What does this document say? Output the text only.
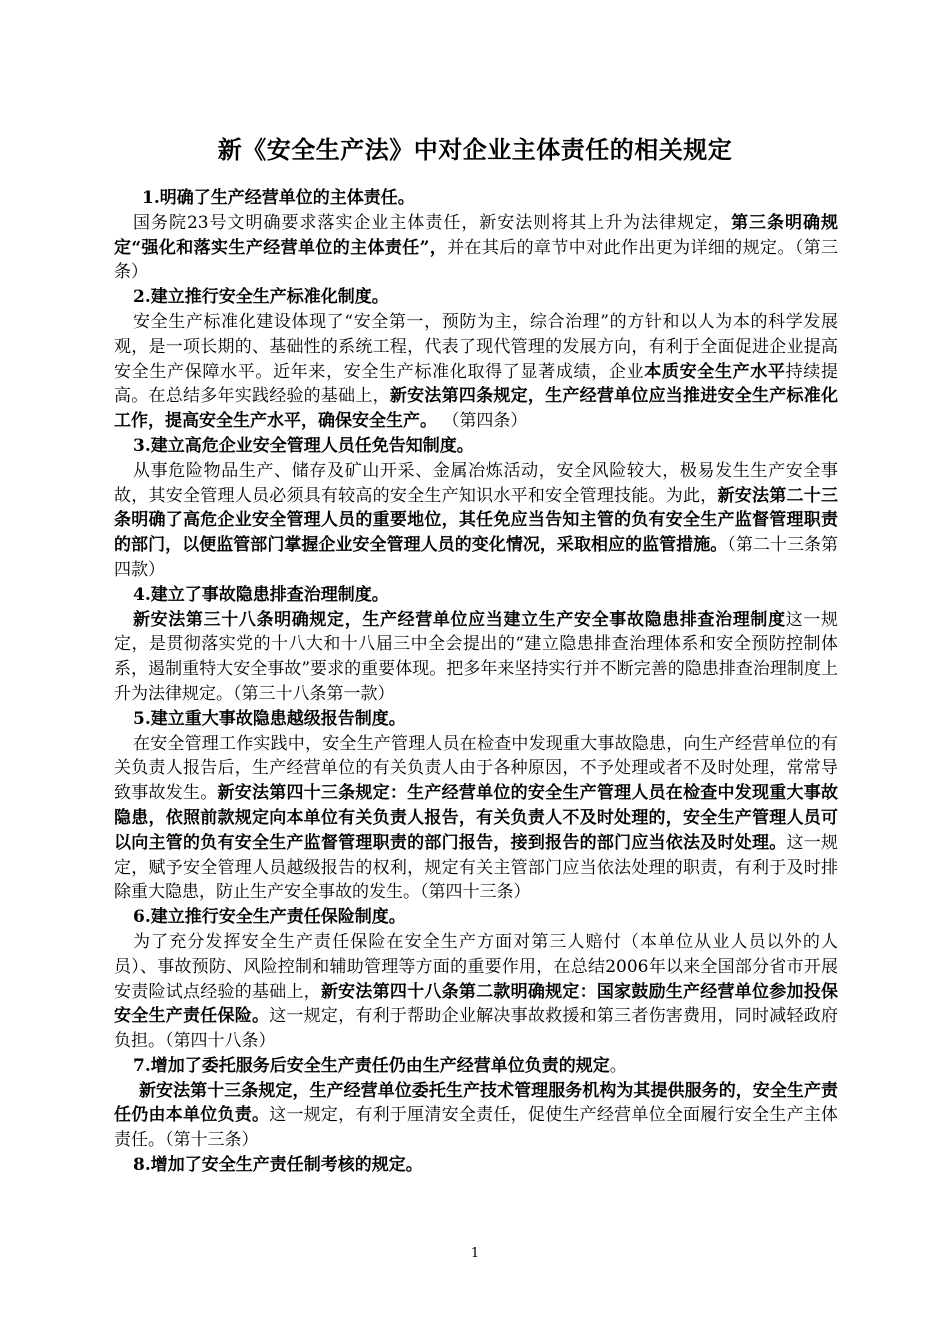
新《安全生产法》中对企业主体责任的相关规定

1.明确了生产经营单位的主体责任。

国务院23号文明确要求落实企业主体责任，新安法则将其上升为法律规定，第三条明确规定“强化和落实生产经营单位的主体责任”，并在其后的章节中对此作出更为详细的规定。（第三条）

2.建立推行安全生产标准化制度。

安全生产标准化建设体现了“安全第一，预防为主，综合治理”的方针和以人为本的科学发展观，是一项长期的、基础性的系统工程，代表了现代管理的发展方向，有利于全面促进企业提高安全生产保障水平。近年来，安全生产标准化取得了显著成绩，企业本质安全生产水平持续提高。在总结多年实践经验的基础上，新安法第四条规定，生产经营单位应当推进安全生产标准化工作，提高安全生产水平，确保安全生产。 （第四条）

3.建立高危企业安全管理人员任免告知制度。

从事危险物品生产、储存及矿山开采、金属冶炼活动，安全风险较大，极易发生生产安全事故，其安全管理人员必须具有较高的安全生产知识水平和安全管理技能。为此，新安法第二十三条明确了高危企业安全管理人员的重要地位，其任免应当告知主管的负有安全生产监督管理职责的部门，以便监管部门掌握企业安全管理人员的变化情况，采取相应的监管措施。（第二十三条第四款）

4.建立了事故隐患排查治理制度。

新安法第三十八条明确规定，生产经营单位应当建立生产安全事故隐患排查治理制度这一规定，是贯彻落实党的十八大和十八届三中全会提出的“建立隐患排查治理体系和安全预防控制体系，遏制重特大安全事故”要求的重要体现。把多年来坚持实行并不断完善的隐患排查治理制度上升为法律规定。（第三十八条第一款）

5.建立重大事故隐患越级报告制度。

在安全管理工作实践中，安全生产管理人员在检查中发现重大事故隐患，向生产经营单位的有关负责人报告后，生产经营单位的有关负责人由于各种原因，不予处理或者不及时处理，常常导致事故发生。新安法第四十三条规定：生产经营单位的安全生产管理人员在检查中发现重大事故隐患，依照前款规定向本单位有关负责人报告，有关负责人不及时处理的，安全生产管理人员可以向主管的负有安全生产监督管理职责的部门报告，接到报告的部门应当依法及时处理。这一规定，赋予安全管理人员越级报告的权利，规定有关主管部门应当依法处理的职责，有利于及时排除重大隐患，防止生产安全事故的发生。（第四十三条）

6.建立推行安全生产责任保险制度。

为了充分发挥安全生产责任保险在安全生产方面对第三人赔付（本单位从业人员以外的人员）、事故预防、风险控制和辅助管理等方面的重要作用，在总结2006年以来全国部分省市开展安责险试点经验的基础上，新安法第四十八条第二款明确规定：国家鼓励生产经营单位参加投保安全生产责任保险。这一规定，有利于帮助企业解决事故救援和第三者伤害费用，同时减轻政府负担。（第四十八条）

7.增加了委托服务后安全生产责任仍由生产经营单位负责的规定。

新安法第十三条规定，生产经营单位委托生产技术管理服务机构为其提供服务的，安全生产责任仍由本单位负责。这一规定，有利于厘清安全责任，促使生产经营单位全面履行安全生产主体责任。（第十三条）

8.增加了安全生产责任制考核的规定。

1
